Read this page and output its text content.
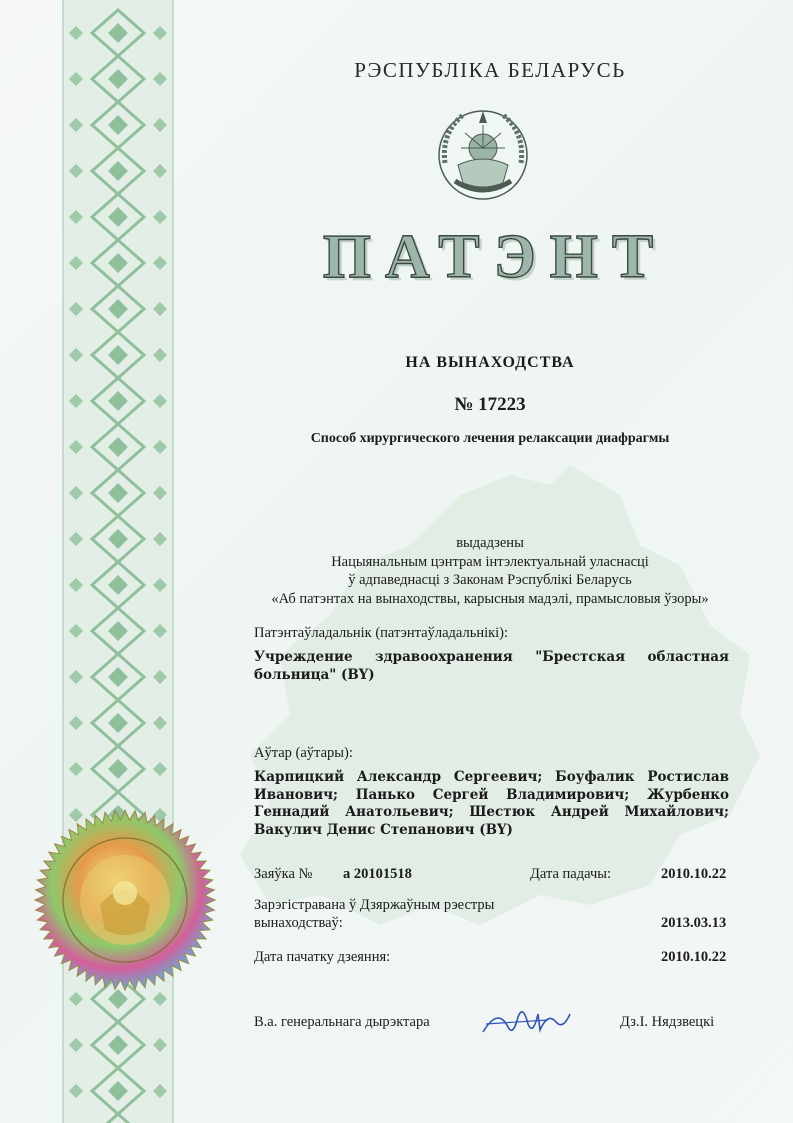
РЭСПУБЛІКА БЕЛАРУСЬ
ПАТЭНТ
НА ВЫНАХОДСТВА
№ 17223
Способ хирургического лечения релаксации диафрагмы
выдадзены
Нацыянальным цэнтрам інтэлектуальнай уласнасці
ў адпаведнасці з Законам Рэспублікі Беларусь
«Аб патэнтах на вынаходствы, карысныя мадэлі, прамысловыя ўзоры»
Патэнтаўладальнік (патэнтаўладальнікі):
Учреждение здравоохранения "Брестская областная больница" (BY)
Аўтар (аўтары):
Карпицкий Александр Сергеевич; Боуфалик Ростислав Иванович; Панько Сергей Владимирович; Журбенко Геннадий Анатольевич; Шестюк Андрей Михайлович; Вакулич Денис Степанович (BY)
Заяўка № а 20101518	Дата падачы:	2010.10.22
Зарэгістравана ў Дзяржаўным рэестры
вынаходстваў:	2013.03.13
Дата пачатку дзеяння:	2010.10.22
В.а. генеральнага дырэктара	Дз.І. Нядзвецкі
